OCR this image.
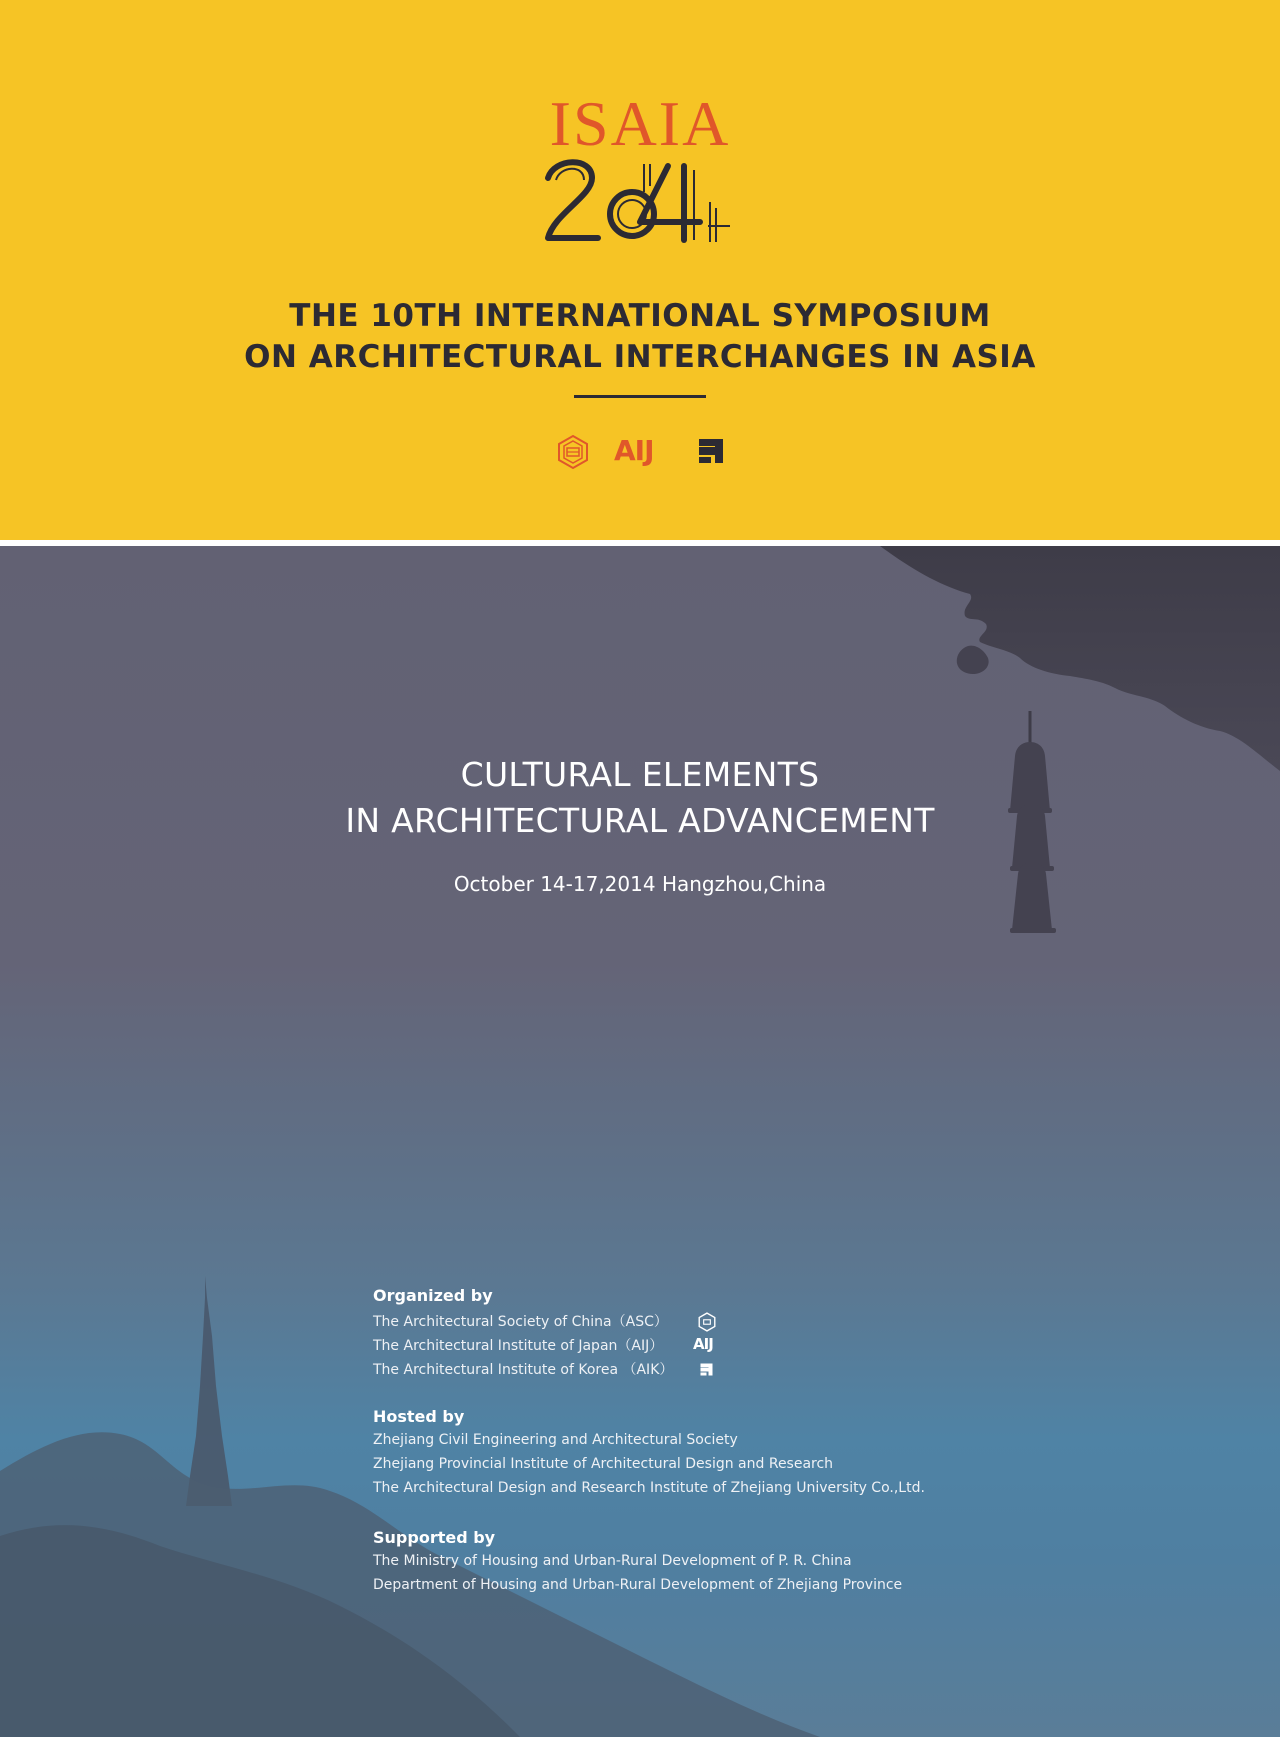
ISAIA
THE 10TH INTERNATIONAL SYMPOSIUM
ON ARCHITECTURAL INTERCHANGES IN ASIA
AIJ
CULTURAL ELEMENTS
IN ARCHITECTURAL ADVANCEMENT
October 14-17,2014 Hangzhou,China
Organized by
The Architectural Society of China（ASC）
The Architectural Institute of Japan（AIJ） AIJ
The Architectural Institute of Korea （AIK）
Hosted by
Zhejiang Civil Engineering and Architectural Society
Zhejiang Provincial Institute of Architectural Design and Research
The Architectural Design and Research Institute of Zhejiang University Co.,Ltd.
Supported by
The Ministry of Housing and Urban-Rural Development of P. R. China
Department of Housing and Urban-Rural Development of Zhejiang Province
